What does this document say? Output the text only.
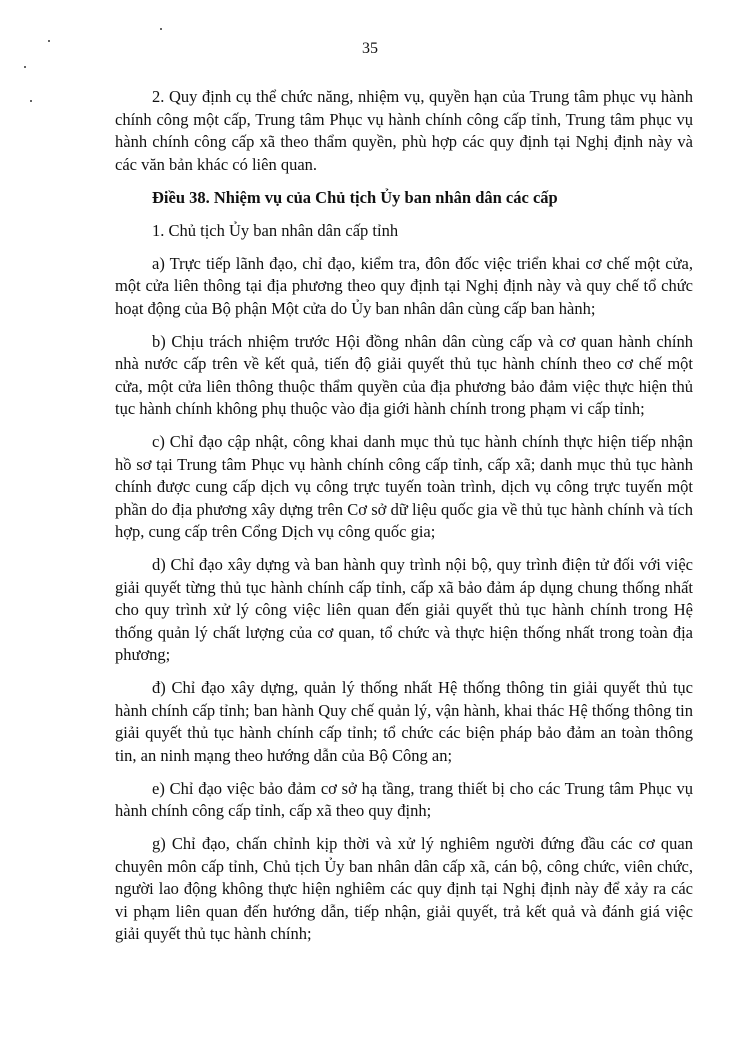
35

2. Quy định cụ thể chức năng, nhiệm vụ, quyền hạn của Trung tâm phục vụ hành chính công một cấp, Trung tâm Phục vụ hành chính công cấp tỉnh, Trung tâm phục vụ hành chính công cấp xã theo thẩm quyền, phù hợp các quy định tại Nghị định này và các văn bản khác có liên quan.

Điều 38. Nhiệm vụ của Chủ tịch Ủy ban nhân dân các cấp

1. Chủ tịch Ủy ban nhân dân cấp tỉnh

a) Trực tiếp lãnh đạo, chỉ đạo, kiểm tra, đôn đốc việc triển khai cơ chế một cửa, một cửa liên thông tại địa phương theo quy định tại Nghị định này và quy chế tổ chức hoạt động của Bộ phận Một cửa do Ủy ban nhân dân cùng cấp ban hành;

b) Chịu trách nhiệm trước Hội đồng nhân dân cùng cấp và cơ quan hành chính nhà nước cấp trên về kết quả, tiến độ giải quyết thủ tục hành chính theo cơ chế một cửa, một cửa liên thông thuộc thẩm quyền của địa phương bảo đảm việc thực hiện thủ tục hành chính không phụ thuộc vào địa giới hành chính trong phạm vi cấp tỉnh;

c) Chỉ đạo cập nhật, công khai danh mục thủ tục hành chính thực hiện tiếp nhận hồ sơ tại Trung tâm Phục vụ hành chính công cấp tỉnh, cấp xã; danh mục thủ tục hành chính được cung cấp dịch vụ công trực tuyến toàn trình, dịch vụ công trực tuyến một phần do địa phương xây dựng trên Cơ sở dữ liệu quốc gia về thủ tục hành chính và tích hợp, cung cấp trên Cổng Dịch vụ công quốc gia;

d) Chỉ đạo xây dựng và ban hành quy trình nội bộ, quy trình điện tử đối với việc giải quyết từng thủ tục hành chính cấp tỉnh, cấp xã bảo đảm áp dụng chung thống nhất cho quy trình xử lý công việc liên quan đến giải quyết thủ tục hành chính trong Hệ thống quản lý chất lượng của cơ quan, tổ chức và thực hiện thống nhất trong toàn địa phương;

đ) Chỉ đạo xây dựng, quản lý thống nhất Hệ thống thông tin giải quyết thủ tục hành chính cấp tỉnh; ban hành Quy chế quản lý, vận hành, khai thác Hệ thống thông tin giải quyết thủ tục hành chính cấp tỉnh; tổ chức các biện pháp bảo đảm an toàn thông tin, an ninh mạng theo hướng dẫn của Bộ Công an;

e) Chỉ đạo việc bảo đảm cơ sở hạ tầng, trang thiết bị cho các Trung tâm Phục vụ hành chính công cấp tỉnh, cấp xã theo quy định;

g) Chỉ đạo, chấn chỉnh kịp thời và xử lý nghiêm người đứng đầu các cơ quan chuyên môn cấp tỉnh, Chủ tịch Ủy ban nhân dân cấp xã, cán bộ, công chức, viên chức, người lao động không thực hiện nghiêm các quy định tại Nghị định này để xảy ra các vi phạm liên quan đến hướng dẫn, tiếp nhận, giải quyết, trả kết quả và đánh giá việc giải quyết thủ tục hành chính;
